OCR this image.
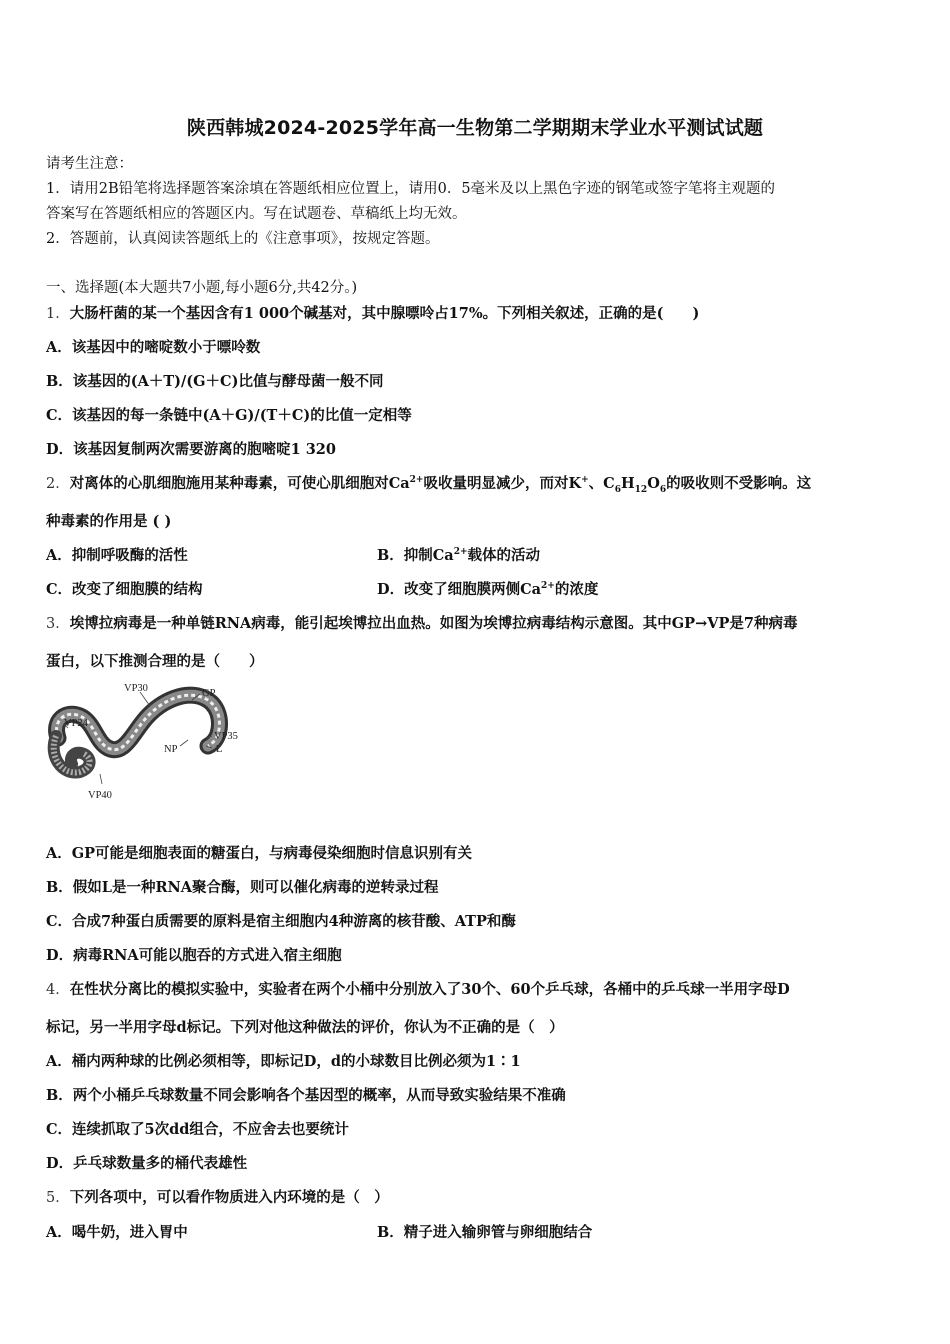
陕西韩城2024-2025学年高一生物第二学期期末学业水平测试试题
请考生注意：
1．请用2B铅笔将选择题答案涂填在答题纸相应位置上，请用0．5毫米及以上黑色字迹的钢笔或签字笔将主观题的
答案写在答题纸相应的答题区内。写在试题卷、草稿纸上均无效。
2．答题前，认真阅读答题纸上的《注意事项》，按规定答题。
一、选择题(本大题共7小题,每小题6分,共42分。)
1．大肠杆菌的某一个基因含有1 000个碱基对，其中腺嘌呤占17%。下列相关叙述，正确的是(　　)
A．该基因中的嘧啶数小于嘌呤数
B．该基因的(A＋T)/(G＋C)比值与酵母菌一般不同
C．该基因的每一条链中(A＋G)/(T＋C)的比值一定相等
D．该基因复制两次需要游离的胞嘧啶1 320
2．对离体的心肌细胞施用某种毒素，可使心肌细胞对$Ca^{2+}$吸收量明显减少，而对K+、$C_6H_{12}O_6$的吸收则不受影响。这
种毒素的作用是 ( )
A．抑制呼吸酶的活性	B．抑制$Ca^{2+}$载体的活动
C．改变了细胞膜的结构	D．改变了细胞膜两侧$Ca^{2+}$的浓度
3．埃博拉病毒是一种单链RNA病毒，能引起埃博拉出血热。如图为埃博拉病毒结构示意图。其中GP→VP是7种病毒
蛋白，以下推测合理的是（　　）
VP30	GP
VP24
VP35
NP	L
VP40
A．GP可能是细胞表面的糖蛋白，与病毒侵染细胞时信息识别有关
B．假如L是一种RNA聚合酶，则可以催化病毒的逆转录过程
C．合成7种蛋白质需要的原料是宿主细胞内4种游离的核苷酸、ATP和酶
D．病毒RNA可能以胞吞的方式进入宿主细胞
4．在性状分离比的模拟实验中，实验者在两个小桶中分别放入了30个、60个乒乓球，各桶中的乒乓球一半用字母D
标记，另一半用字母d标记。下列对他这种做法的评价，你认为不正确的是（　）
A．桶内两种球的比例必须相等，即标记D，d的小球数目比例必须为1∶1
B．两个小桶乒乓球数量不同会影响各个基因型的概率，从而导致实验结果不准确
C．连续抓取了5次dd组合，不应舍去也要统计
D．乒乓球数量多的桶代表雄性
5．下列各项中，可以看作物质进入内环境的是（　）
A．喝牛奶，进入胃中	B．精子进入输卵管与卵细胞结合
